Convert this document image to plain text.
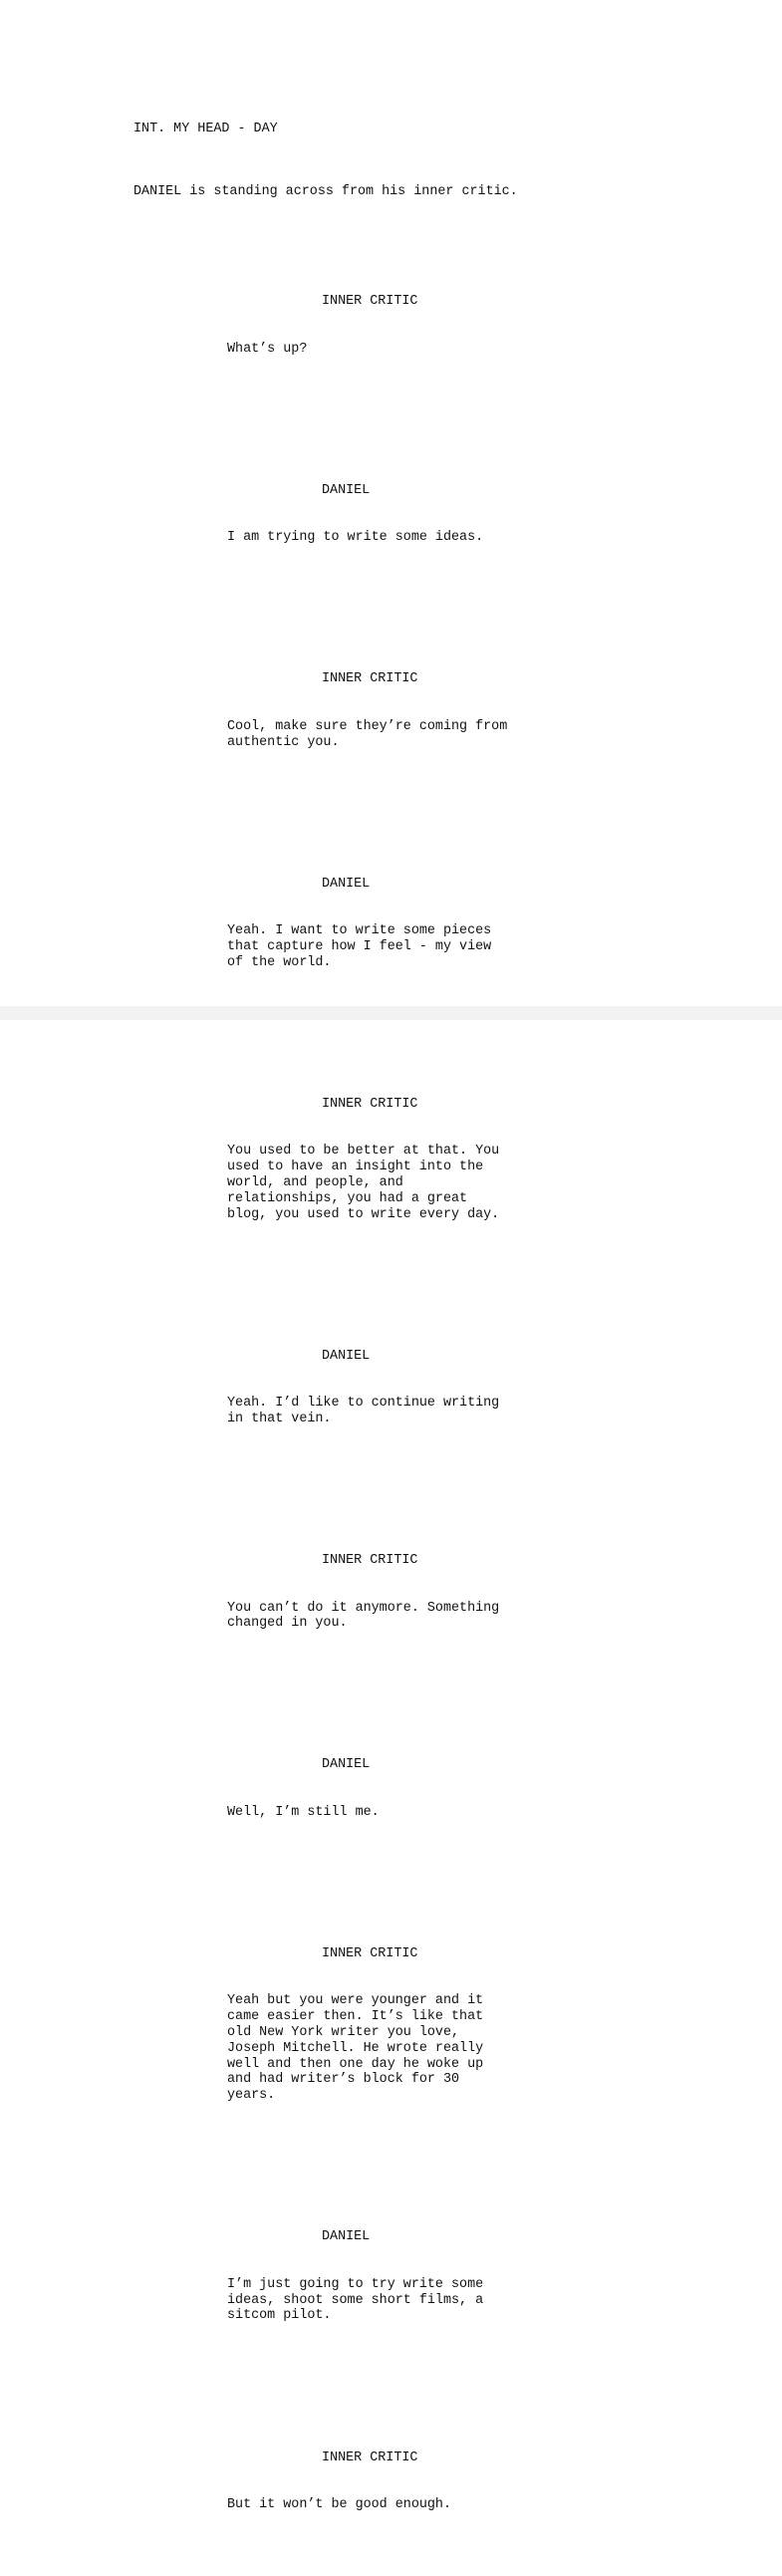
INT. MY HEAD - DAY

DANIEL is standing across from his inner critic.

INNER CRITIC

What’s up?

DANIEL

I am trying to write some ideas.

INNER CRITIC

Cool, make sure they’re coming from
authentic you.

DANIEL

Yeah. I want to write some pieces
that capture how I feel - my view
of the world.

INNER CRITIC

You used to be better at that. You
used to have an insight into the
world, and people, and
relationships, you had a great
blog, you used to write every day.

DANIEL

Yeah. I’d like to continue writing
in that vein.

INNER CRITIC

You can’t do it anymore. Something
changed in you.

DANIEL

Well, I’m still me.

INNER CRITIC

Yeah but you were younger and it
came easier then. It’s like that
old New York writer you love,
Joseph Mitchell. He wrote really
well and then one day he woke up
and had writer’s block for 30
years.

DANIEL

I’m just going to try write some
ideas, shoot some short films, a
sitcom pilot.

INNER CRITIC

But it won’t be good enough.
